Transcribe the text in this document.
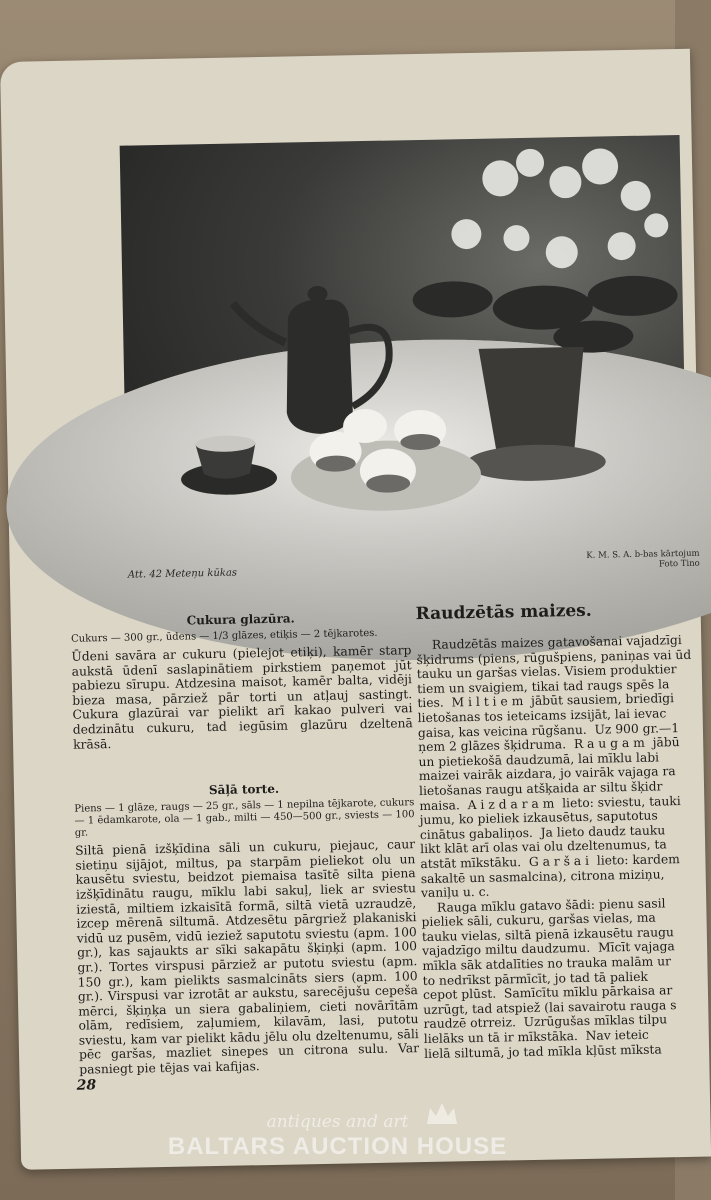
Att. 42 Meteņu kūkas
K. M. S. A. b-bas kārtojum
Foto Tino
Cukura glazūra.

Cukurs — 300 gr., ūdens — 1/3 glāzes, etiķis — 2 tējkarotes.

Ūdeni savāra ar cukuru (pielejot etiķi), kamēr starp aukstā ūdenī saslapinātiem pirkstiem paņemot jūt pabiezu sīrupu. Atdzesina maisot, kamēr balta, vidēji bieza masa, pārziež pār torti un atļauj sastingt. Cukura glazūrai var pielikt arī kakao pulveri vai dedzinātu cukuru, tad iegūsim glazūru dzeltenā krāsā.

Sāļā torte.

Piens — 1 glāze, raugs — 25 gr., sāls — 1 nepilna tējkarote, cukurs — 1 ēdamkarote, ola — 1 gab., milti — 450—500 gr., sviests — 100 gr.

Siltā pienā izšķīdina sāli un cukuru, piejauc, caur sietiņu sijājot, miltus, pa starpām pieliekot olu un kausētu sviestu, beidzot piemaisa tasītē silta piena izšķīdinātu raugu, mīklu labi sakuļ, liek ar sviestu iziestā, miltiem izkaisītā formā, siltā vietā uzraudzē, izcep mērenā siltumā. Atdzesētu pārgriež plakaniski vidū uz pusēm, vidū ieziež saputotu sviestu (apm. 100 gr.), kas sajaukts ar sīki sakapātu šķiņķi (apm. 100 gr.). Tortes virspusi pārziež ar putotu sviestu (apm. 150 gr.), kam pielikts sasmalcināts siers (apm. 100 gr.). Virspusi var izrotāt ar aukstu, sarecējušu cepeša mērci, šķiņķa un siera gabaliņiem, cieti novārītām olām, redīsiem, zaļumiem, kilavām, lasi, putotu sviestu, kam var pielikt kādu jēlu olu dzeltenumu, sāli pēc garšas, mazliet sinepes un citrona sulu. Var pasniegt pie tējas vai kafijas.

Raudzētās maizes.
Raudzētās maizes gatavošanai vajadzīgi
šķidrums (piens, rūgušpiens, paniņas vai ūd
tauku un garšas vielas. Visiem produktier
tiem un svaigiem, tikai tad raugs spēs la
ties.  M i l t i e m  jābūt sausiem, briedīgi
lietošanas tos ieteicams izsijāt, lai ievac
gaisa, kas veicina rūgšanu.  Uz 900 gr.—1
ņem 2 glāzes šķidruma.  R a u g a m  jābū
un pietiekošā daudzumā, lai mīklu labi
maizei vairāk aizdara, jo vairāk vajaga ra
lietošanas raugu atšķaida ar siltu šķidr
maisa.  A i z d a r a m  lieto: sviestu, tauki
jumu, ko pieliek izkausētus, saputotus
cinātus gabaliņos.  Ja lieto daudz tauku
likt klāt arī olas vai olu dzeltenumus, ta
atstāt mīkstāku.  G a r š a i  lieto: kardem
sakaltē un sasmalcina), citrona miziņu,
vaniļu u. c.
Rauga mīklu gatavo šādi: pienu sasil
pieliek sāli, cukuru, garšas vielas, ma
tauku vielas, siltā pienā izkausētu raugu
vajadzīgo miltu daudzumu.  Mīcīt vajaga
mīkla sāk atdalīties no trauka malām ur
to nedrīkst pārmīcīt, jo tad tā paliek
cepot plūst.  Samīcītu mīklu pārkaisa ar
uzrūgt, tad atspiež (lai savairotu rauga s
raudzē otrreiz.  Uzrūgušas mīklas tilpu
lielāks un tā ir mīkstāka.  Nav ieteic
lielā siltumā, jo tad mīkla kļūst mīksta
28
antiques and art
BALTARS AUCTION HOUSE
